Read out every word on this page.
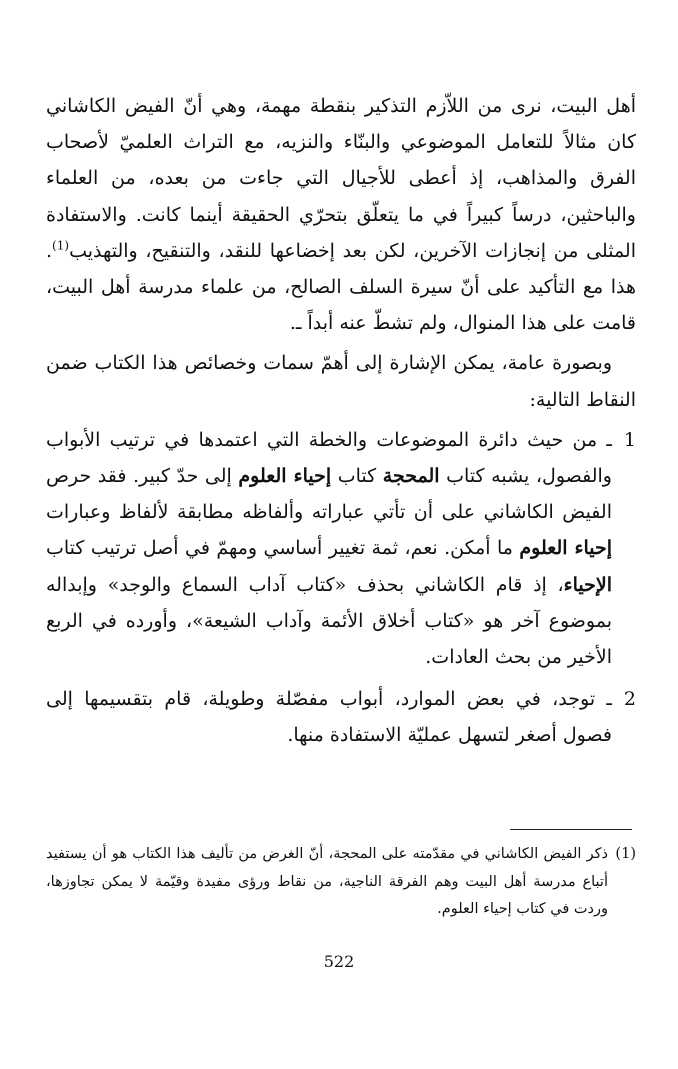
أهل البيت، نرى من اللاّزم التذكير بنقطة مهمة، وهي أنّ الفيض الكاشاني كان مثالاً للتعامل الموضوعي والبنّاء والنزيه، مع التراث العلميّ لأصحاب الفرق والمذاهب، إذ أعطى للأجيال التي جاءت من بعده، من العلماء والباحثين، درساً كبيراً في ما يتعلّق بتحرّي الحقيقة أينما كانت. والاستفادة المثلى من إنجازات الآخرين، لكن بعد إخضاعها للنقد، والتنقيح، والتهذيب$^{(1)}$. هذا مع التأكيد على أنّ سيرة السلف الصالح، من علماء مدرسة أهل البيت، قامت على هذا المنوال، ولم تشطّ عنه أبداً ـ.

وبصورة عامة، يمكن الإشارة إلى أهمّ سمات وخصائص هذا الكتاب ضمن النقاط التالية:

1
ـ من حيث دائرة الموضوعات والخطة التي اعتمدها في ترتيب الأبواب والفصول، يشبه كتاب المحجة كتاب إحياء العلوم إلى حدّ كبير. فقد حرص الفيض الكاشاني على أن تأتي عباراته وألفاظه مطابقة لألفاظ وعبارات إحياء العلوم ما أمكن. نعم، ثمة تغيير أساسي ومهمّ في أصل ترتيب كتاب الإحياء، إذ قام الكاشاني بحذف «كتاب آداب السماع والوجد» وإبداله بموضوع آخر هو «كتاب أخلاق الأئمة وآداب الشيعة»، وأورده في الربع الأخير من بحث العادات.
2
ـ توجد، في بعض الموارد، أبواب مفصّلة وطويلة، قام بتقسيمها إلى فصول أصغر لتسهل عمليّة الاستفادة منها.
(1)
ذكر الفيض الكاشاني في مقدّمته على المحجة، أنّ الغرض من تأليف هذا الكتاب هو أن يستفيد أتباع مدرسة أهل البيت وهم الفرقة الناجية، من نقاط ورؤى مفيدة وقيّمة لا يمكن تجاوزها، وردت في كتاب إحياء العلوم.
522
